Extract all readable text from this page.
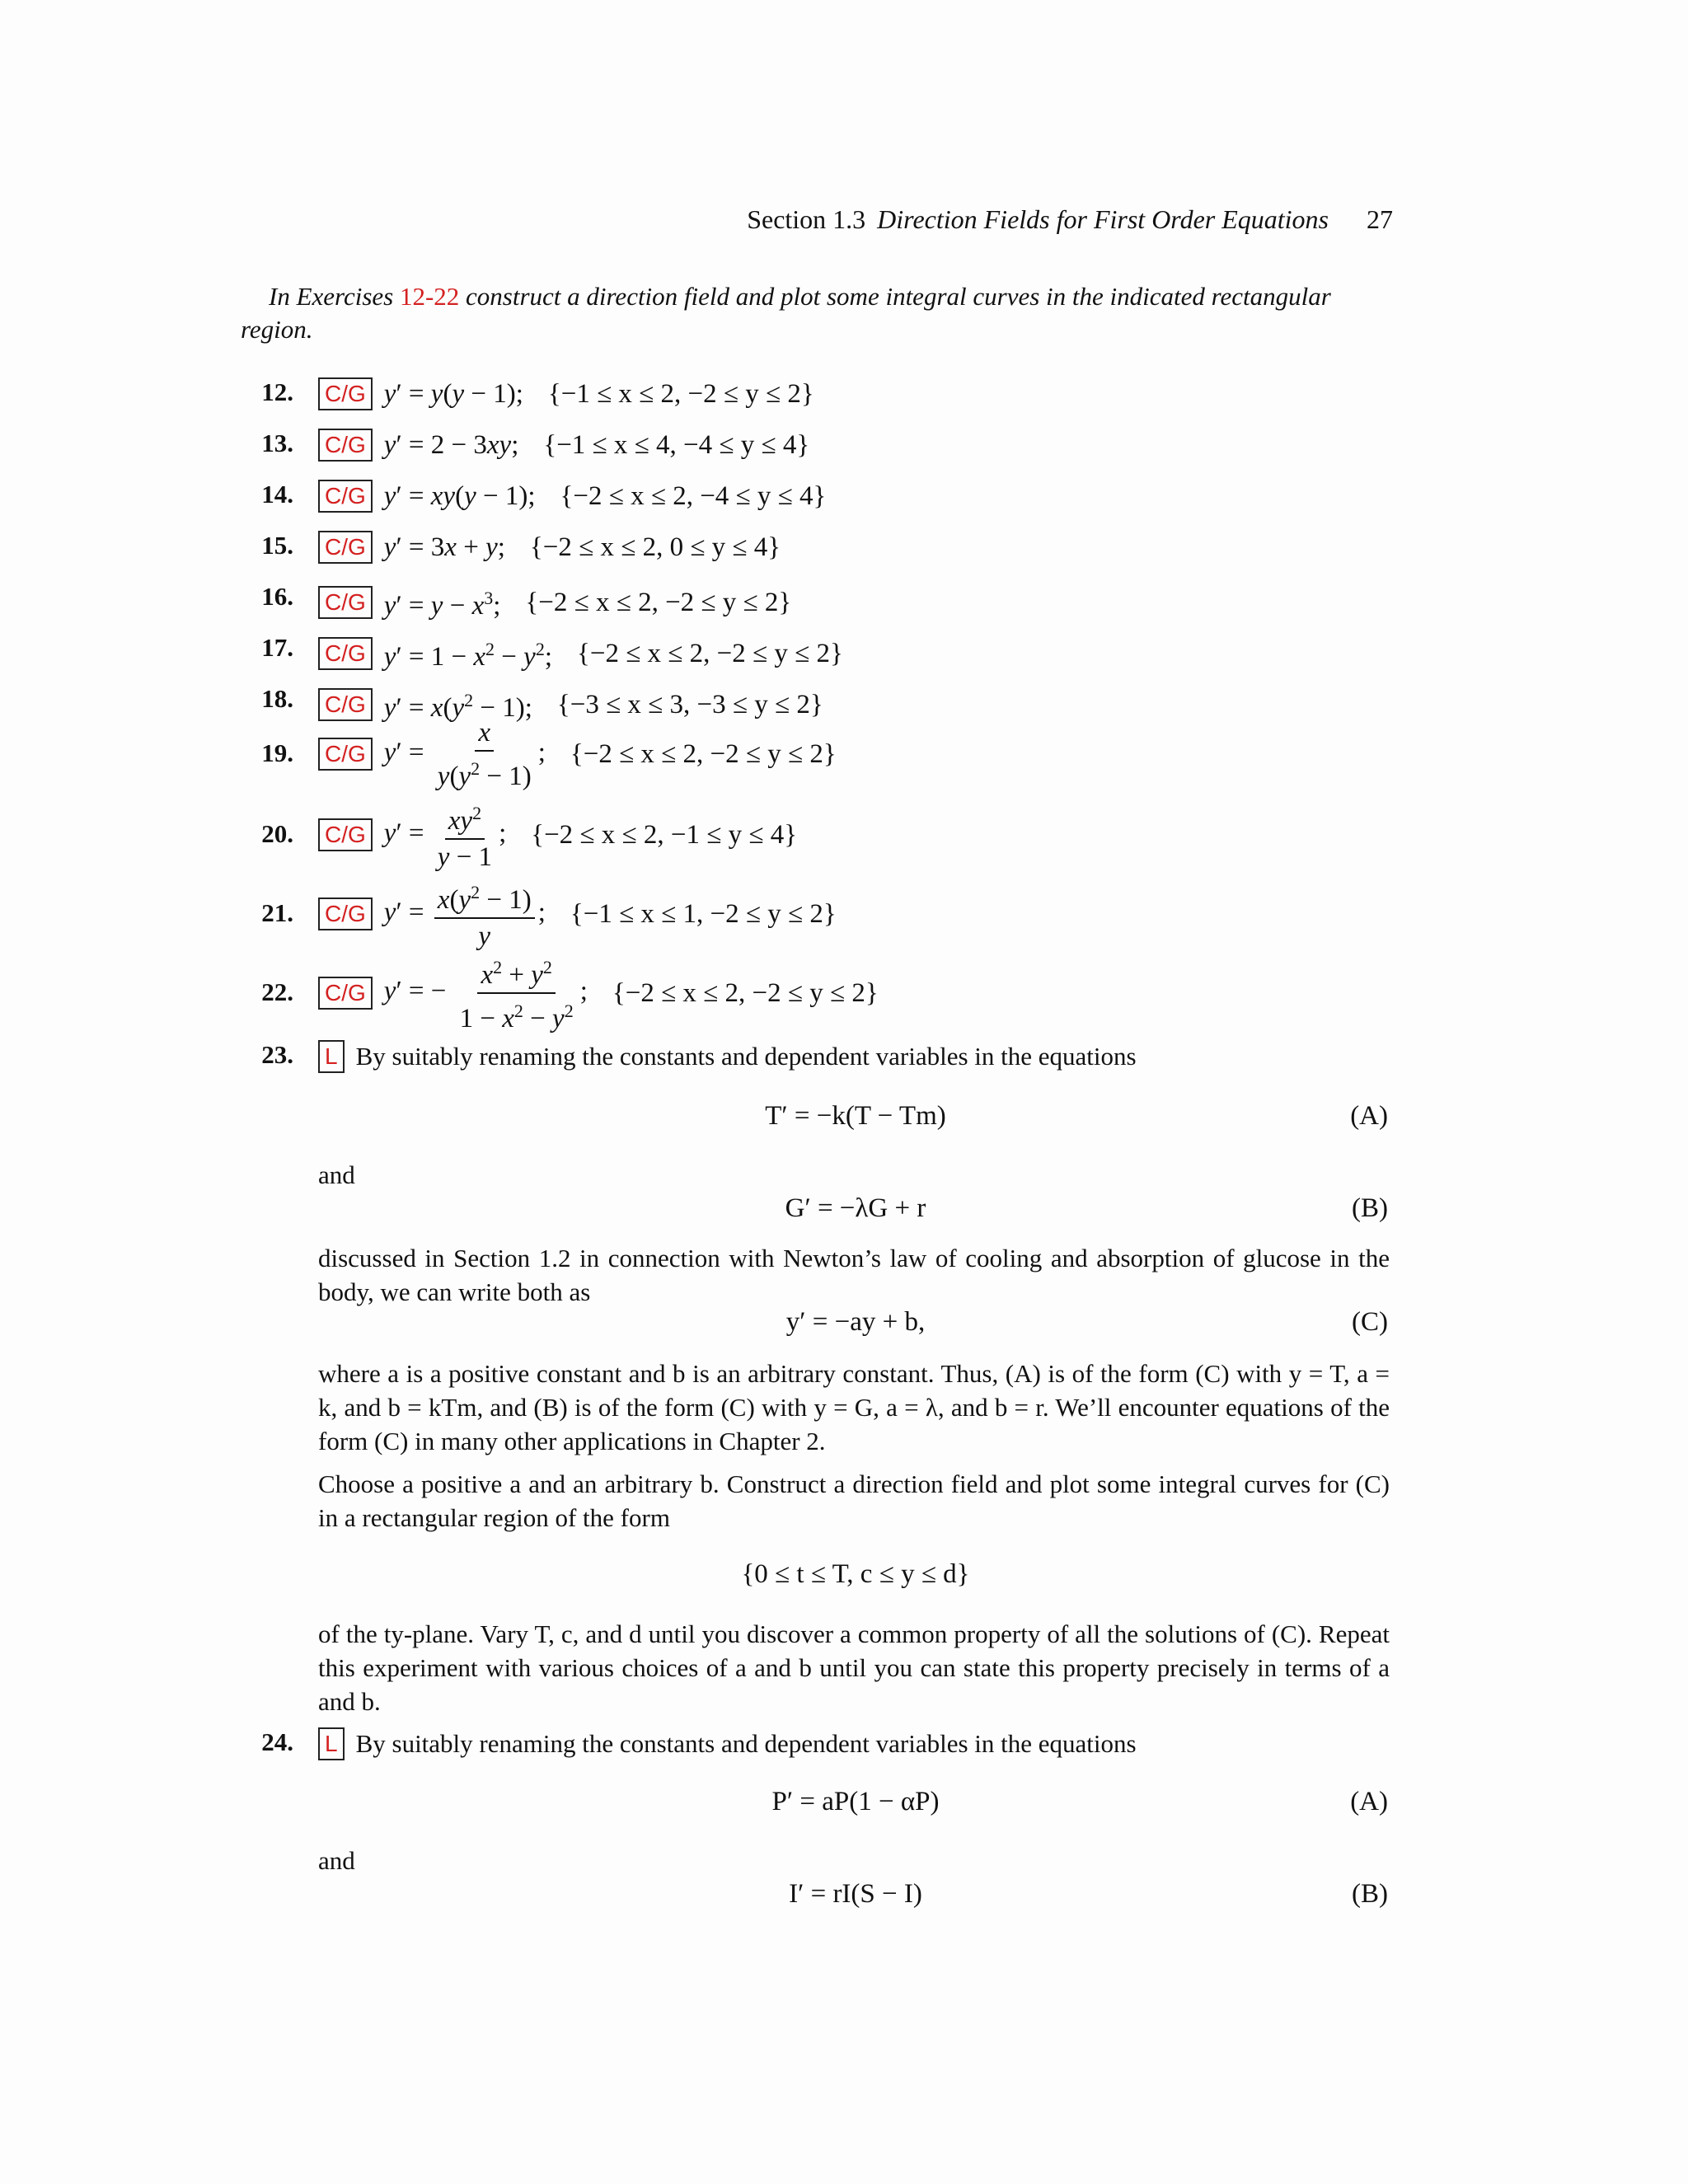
Section 1.3 Direction Fields for First Order Equations 27
In Exercises 12-22 construct a direction field and plot some integral curves in the indicated rectangular region.
12. C/G y′ = y(y − 1); {−1 ≤ x ≤ 2, −2 ≤ y ≤ 2}
13. C/G y′ = 2 − 3xy; {−1 ≤ x ≤ 4, −4 ≤ y ≤ 4}
14. C/G y′ = xy(y − 1); {−2 ≤ x ≤ 2, −4 ≤ y ≤ 4}
15. C/G y′ = 3x + y; {−2 ≤ x ≤ 2, 0 ≤ y ≤ 4}
16. C/G $y' = y - x^3$; {−2 ≤ x ≤ 2, −2 ≤ y ≤ 2}
17. C/G $y' = 1 - x^2 - y^2$; {−2 ≤ x ≤ 2, −2 ≤ y ≤ 2}
18. C/G $y' = x(y^2 - 1)$; {−3 ≤ x ≤ 3, −3 ≤ y ≤ 2}
19. C/G $y' = \frac{x}{y(y^2 - 1)}$ ; {−2 ≤ x ≤ 2, −2 ≤ y ≤ 2}
20. C/G $y' = \frac{xy^2}{y - 1}$ ; {−2 ≤ x ≤ 2, −1 ≤ y ≤ 4}
21. C/G $y' = \frac{x(y^2 - 1)}{y}$ ; {−1 ≤ x ≤ 1, −2 ≤ y ≤ 2}
22. C/G y′ = − $\frac{x^2 + y^2}{1 - x^2 - y^2}$ ; {−2 ≤ x ≤ 2, −2 ≤ y ≤ 2}
23. L By suitably renaming the constants and dependent variables in the equations
T′ = −k(T − Tm)	(A)
and
G′ = −λG + r	(B)
discussed in Section 1.2 in connection with Newton’s law of cooling and absorption of glucose in the body, we can write both as
y′ = −ay + b,	(C)
where a is a positive constant and b is an arbitrary constant. Thus, (A) is of the form (C) with y = T, a = k, and b = kTm, and (B) is of the form (C) with y = G, a = λ, and b = r. We’ll encounter equations of the form (C) in many other applications in Chapter 2.
Choose a positive a and an arbitrary b. Construct a direction field and plot some integral curves for (C) in a rectangular region of the form
{0 ≤ t ≤ T, c ≤ y ≤ d}
of the ty-plane. Vary T, c, and d until you discover a common property of all the solutions of (C). Repeat this experiment with various choices of a and b until you can state this property precisely in terms of a and b.
24. L By suitably renaming the constants and dependent variables in the equations
P′ = aP(1 − αP)	(A)
and
I′ = rI(S − I)	(B)
